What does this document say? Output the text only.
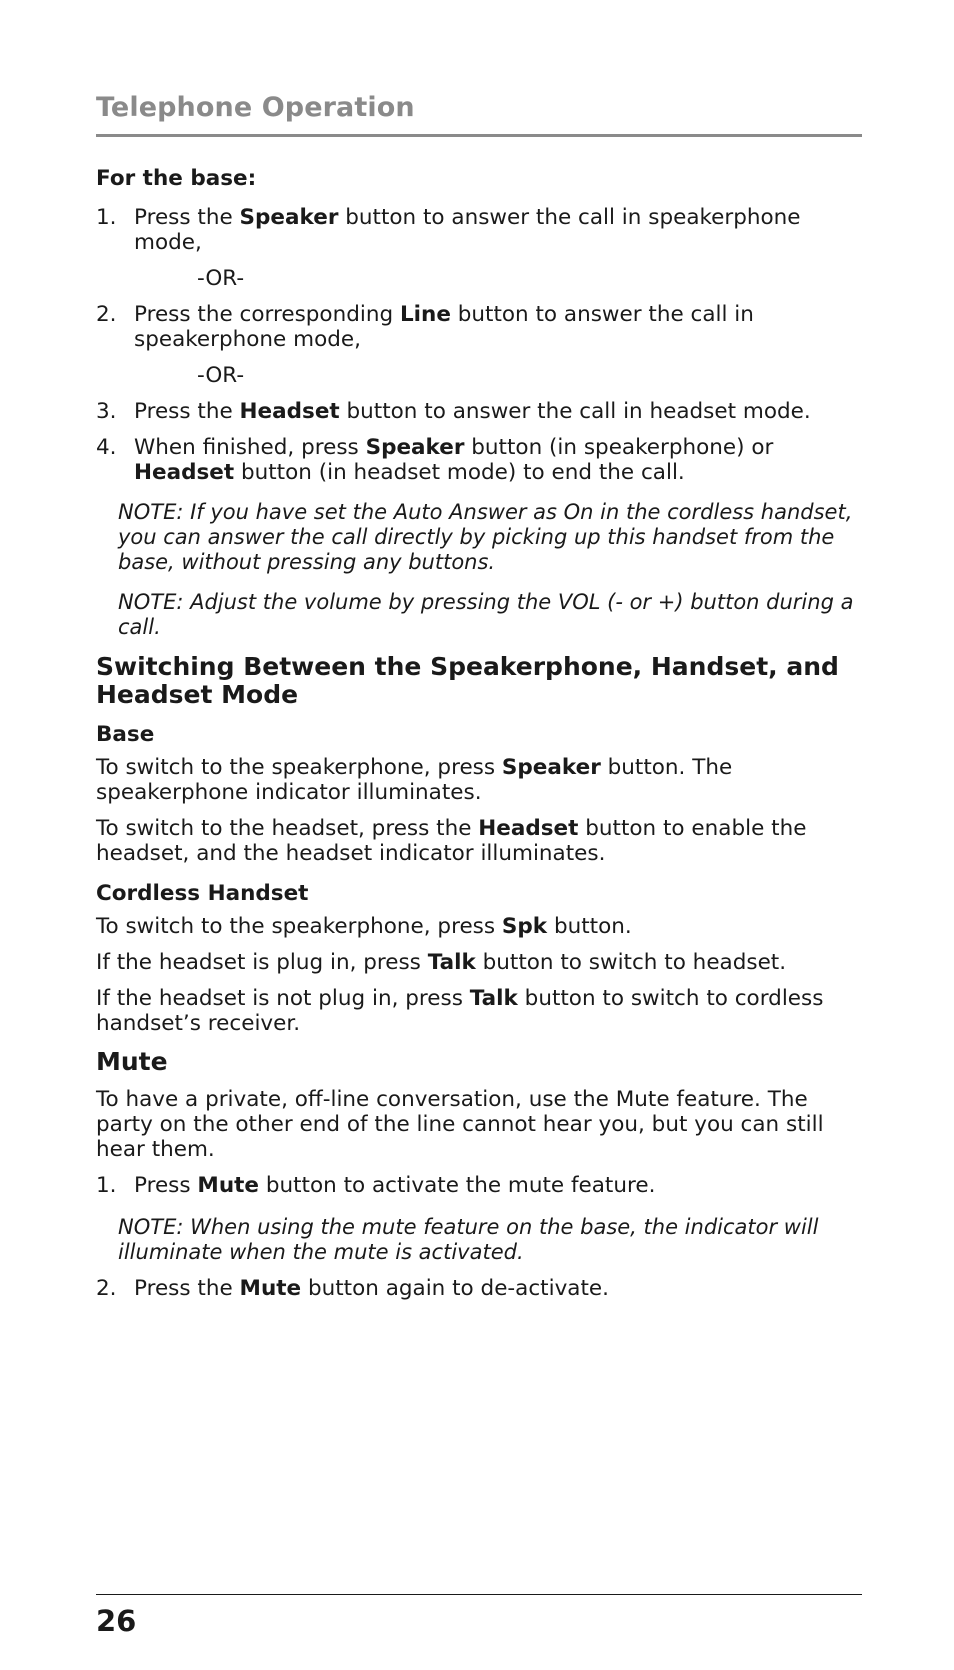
Telephone Operation

For the base:

1. Press the Speaker button to answer the call in speakerphone mode,

-OR-

2. Press the corresponding Line button to answer the call in speakerphone mode,

-OR-

3. Press the Headset button to answer the call in headset mode.

4. When finished, press Speaker button (in speakerphone) or Headset button (in headset mode) to end the call.

NOTE: If you have set the Auto Answer as On in the cordless handset, you can answer the call directly by picking up this handset from the base, without pressing any buttons.

NOTE: Adjust the volume by pressing the VOL (- or +) button during a call.

Switching Between the Speakerphone, Handset, and Headset Mode

Base

To switch to the speakerphone, press Speaker button. The speakerphone indicator illuminates.

To switch to the headset, press the Headset button to enable the headset, and the headset indicator illuminates.

Cordless Handset

To switch to the speakerphone, press Spk button.

If the headset is plug in, press Talk button to switch to headset.

If the headset is not plug in, press Talk button to switch to cordless handset’s receiver.

Mute

To have a private, off-line conversation, use the Mute feature. The party on the other end of the line cannot hear you, but you can still hear them.

1. Press Mute button to activate the mute feature.

NOTE: When using the mute feature on the base, the indicator will illuminate when the mute is activated.

2. Press the Mute button again to de-activate.

26
